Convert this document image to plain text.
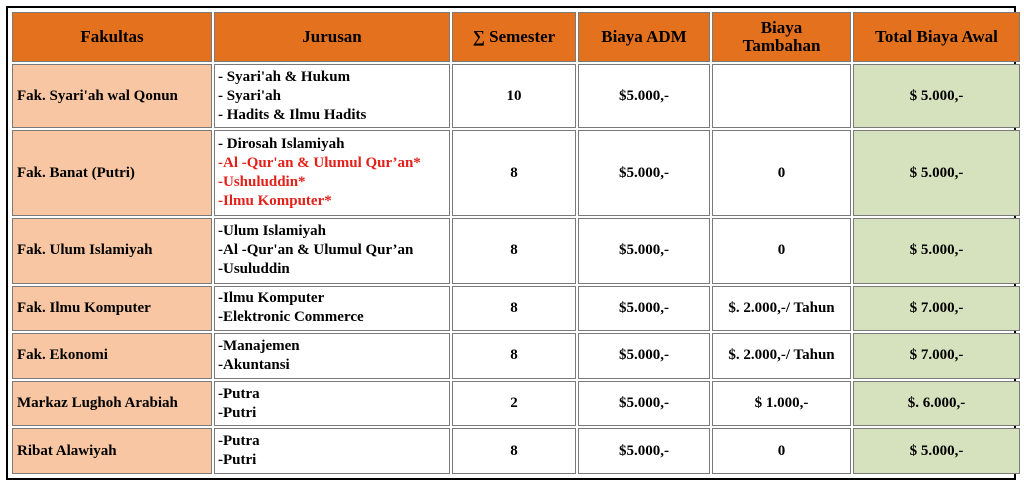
Fakultas	Jurusan	∑ Semester	Biaya ADM	Biaya
Tambahan	Total Biaya Awal
Fak. Syari'ah wal Qonun	- Syari'ah & Hukum
- Syari'ah
- Hadits & Ilmu Hadits	10	$5.000,-		$ 5.000,-
Fak. Banat (Putri)	- Dirosah Islamiyah
-Al -Qur'an & Ulumul Qur’an*
-Ushuluddin*
-Ilmu Komputer*	8	$5.000,-	0	$ 5.000,-
Fak. Ulum Islamiyah	-Ulum Islamiyah
-Al -Qur'an & Ulumul Qur’an
-Usuluddin	8	$5.000,-	0	$ 5.000,-
Fak. Ilmu Komputer	-Ilmu Komputer
-Elektronic Commerce	8	$5.000,-	$. 2.000,-/ Tahun	$ 7.000,-
Fak. Ekonomi	-Manajemen
-Akuntansi	8	$5.000,-	$. 2.000,-/ Tahun	$ 7.000,-
Markaz Lughoh Arabiah	-Putra
-Putri	2	$5.000,-	$ 1.000,-	$. 6.000,-
Ribat Alawiyah	-Putra
-Putri	8	$5.000,-	0	$ 5.000,-
